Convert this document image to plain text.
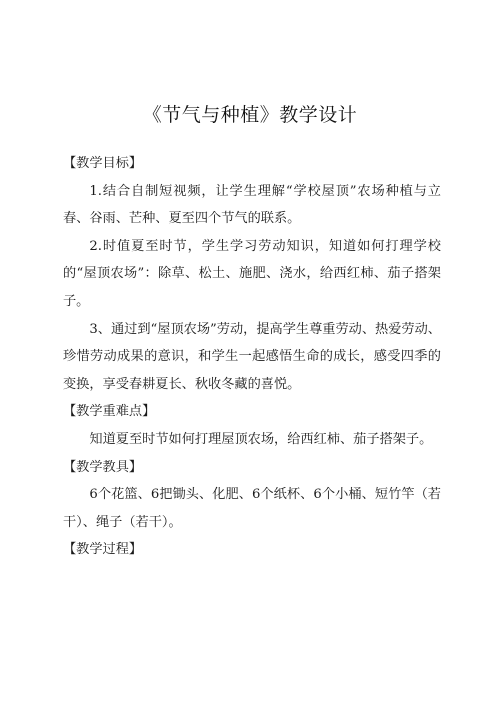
《节气与种植》教学设计

【教学目标】

1.结合自制短视频，让学生理解“学校屋顶”农场种植与立春、谷雨、芒种、夏至四个节气的联系。

2.时值夏至时节，学生学习劳动知识，知道如何打理学校的“屋顶农场”：除草、松土、施肥、浇水，给西红柿、茄子搭架子。

3、通过到“屋顶农场”劳动，提高学生尊重劳动、热爱劳动、珍惜劳动成果的意识，和学生一起感悟生命的成长，感受四季的变换，享受春耕夏长、秋收冬藏的喜悦。

【教学重难点】

知道夏至时节如何打理屋顶农场，给西红柿、茄子搭架子。

【教学教具】

6个花篮、6把锄头、化肥、6个纸杯、6个小桶、短竹竿（若干）、绳子（若干）。

【教学过程】
